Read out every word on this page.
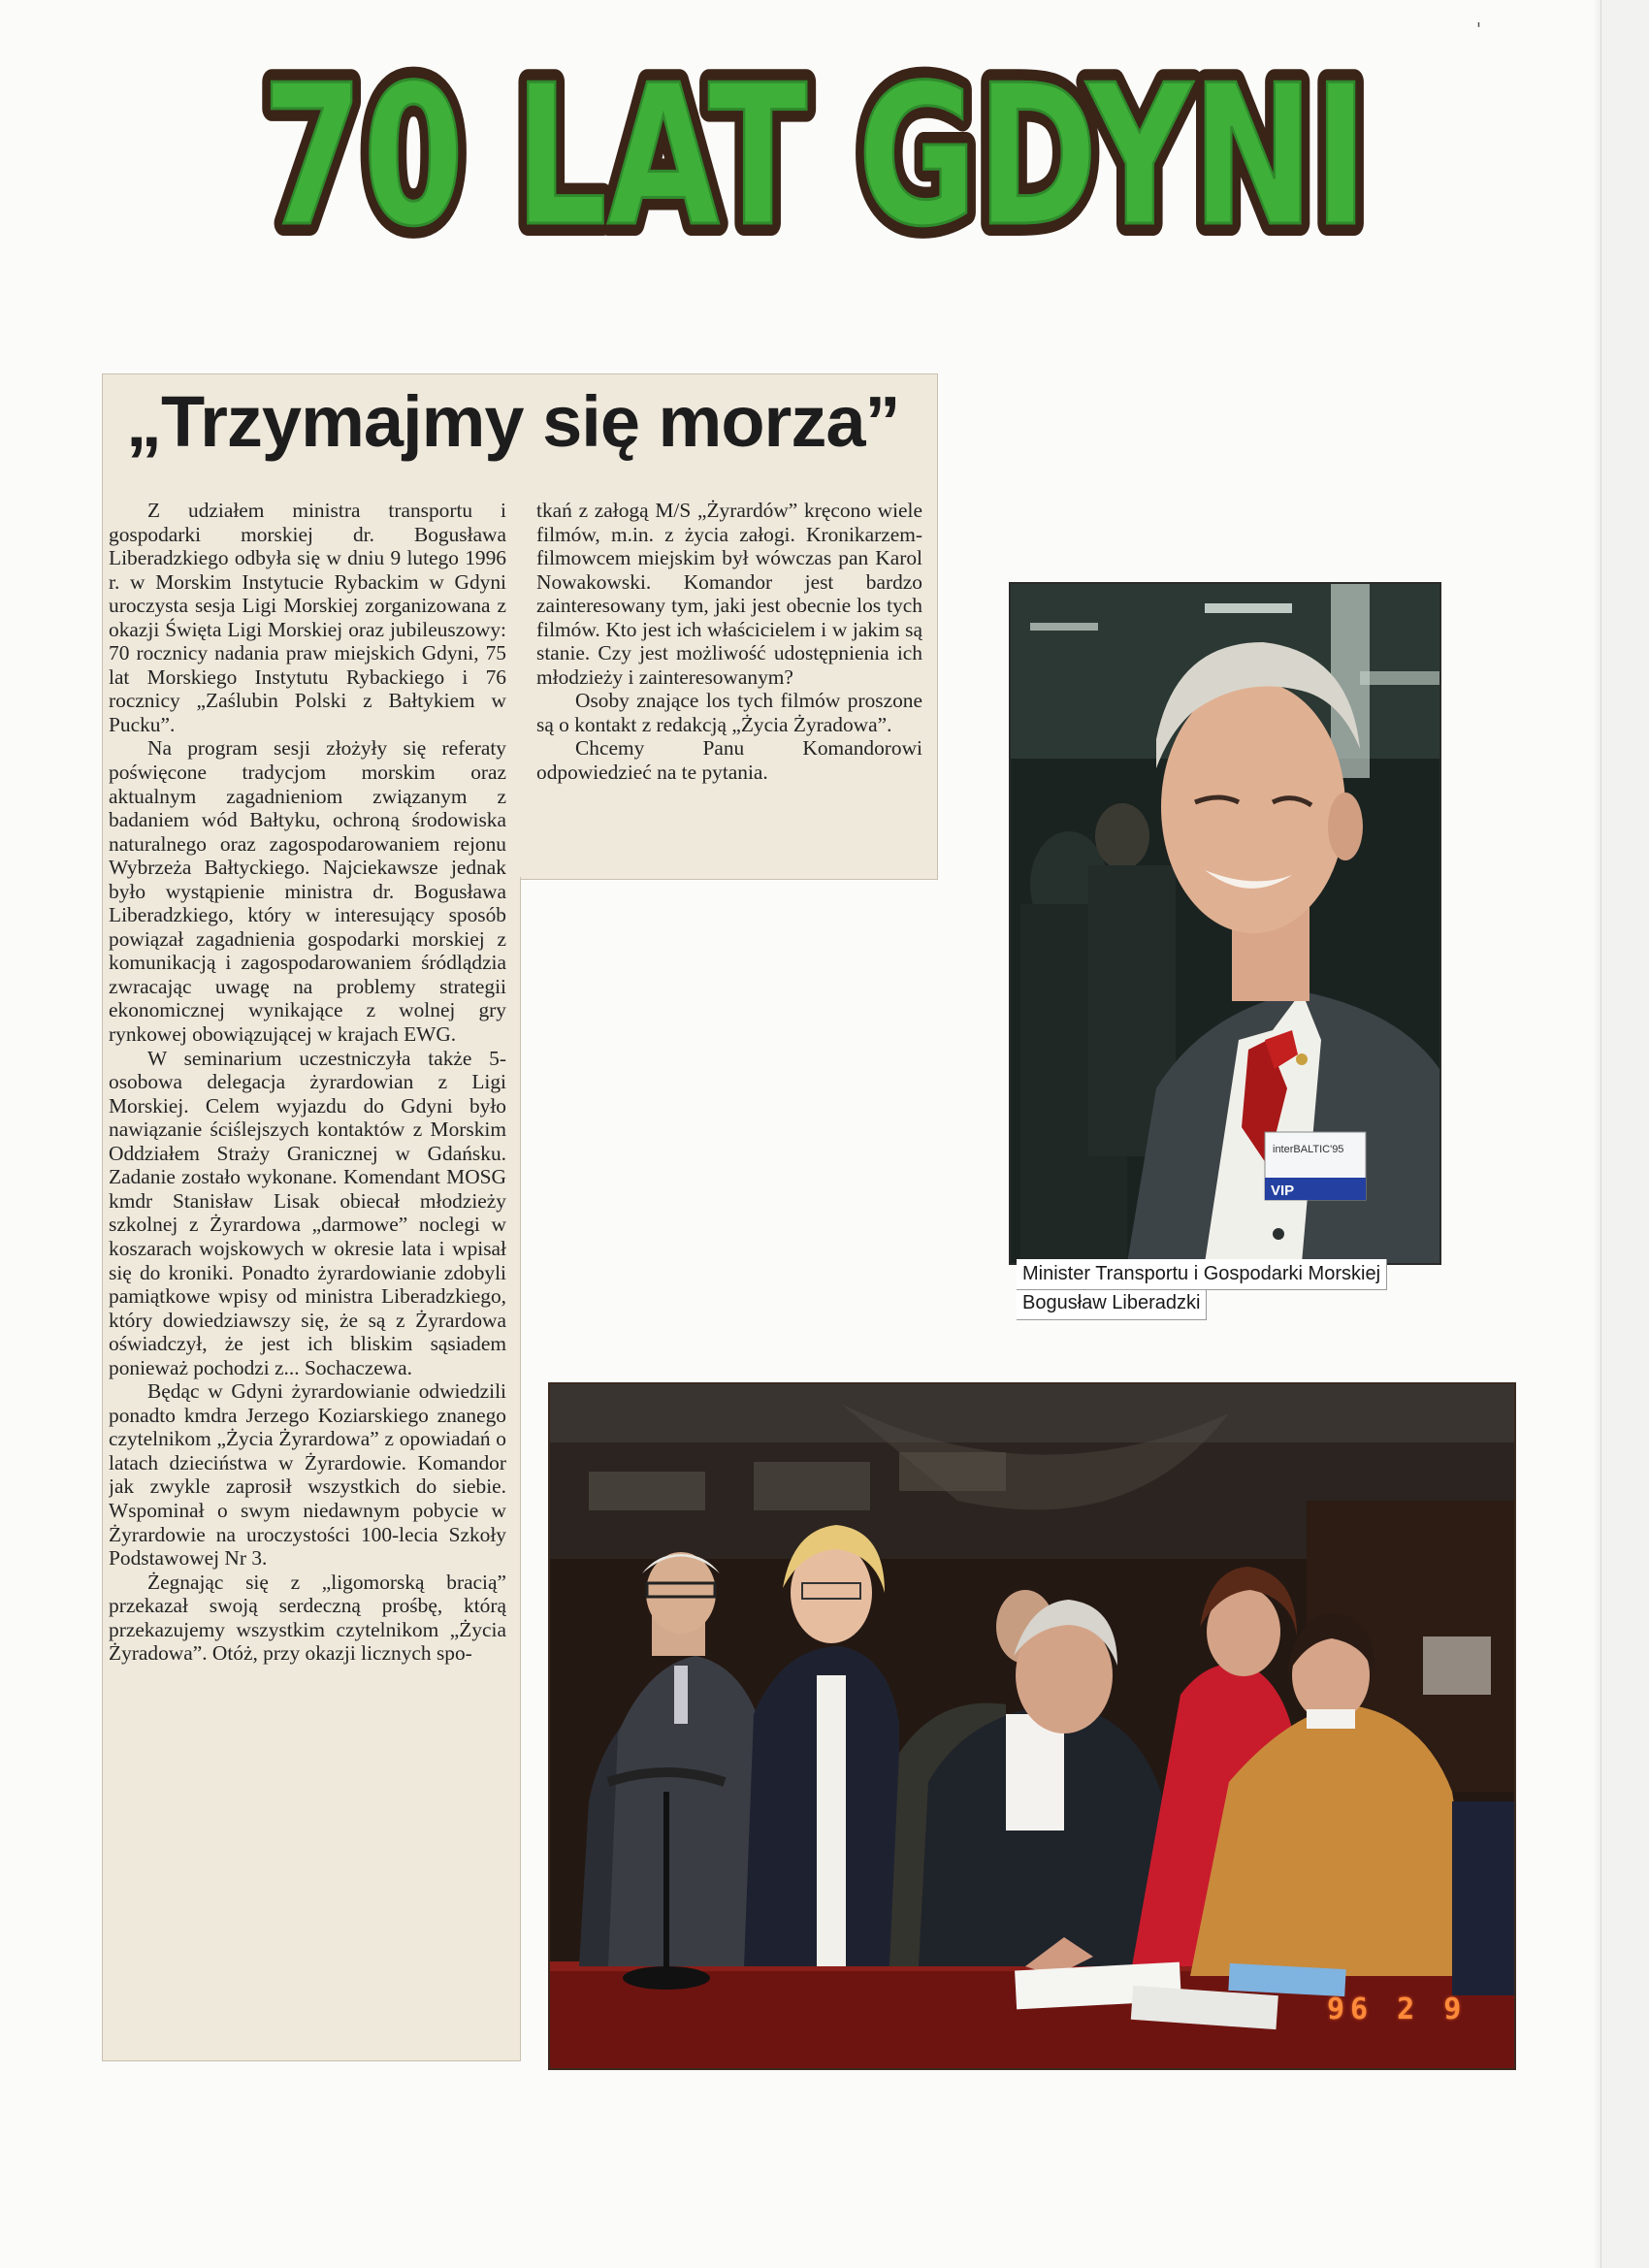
'
70 LAT GDYNI
70 LAT GDYNI
„Trzymajmy się morza”

Z udziałem ministra transportu i gospodarki morskiej dr. Bogusława Liberadzkiego odbyła się w dniu 9 lutego 1996 r. w Morskim Instytucie Rybackim w Gdyni uroczysta sesja Ligi Morskiej zorganizowana z okazji Święta Ligi Morskiej oraz jubileuszowy: 70 rocznicy nadania praw miejskich Gdyni, 75 lat Morskiego Instytutu Rybackiego i 76 rocznicy „Zaślubin Polski z Bałtykiem w Pucku”.

Na program sesji złożyły się referaty poświęcone tradycjom morskim oraz aktualnym zagadnieniom związanym z badaniem wód Bałtyku, ochroną środowiska naturalnego oraz zagospodarowaniem rejonu Wybrzeża Bałtyckiego. Najciekawsze jednak było wystąpienie ministra dr. Bogusława Liberadzkiego, który w interesujący sposób powiązał zagadnienia gospodarki morskiej z komunikacją i zagospodarowaniem śródlądzia zwracając uwagę na problemy strategii ekonomicznej wynikające z wolnej gry rynkowej obowiązującej w krajach EWG.

W seminarium uczestniczyła także 5-osobowa delegacja żyrardowian z Ligi Morskiej. Celem wyjazdu do Gdyni było nawiązanie ściślejszych kontaktów z Morskim Oddziałem Straży Granicznej w Gdańsku. Zadanie zostało wykonane. Komendant MOSG kmdr Stanisław Lisak obiecał młodzieży szkolnej z Żyrardowa „darmowe” noclegi w koszarach wojskowych w okresie lata i wpisał się do kroniki. Ponadto żyrardowianie zdobyli pamiątkowe wpisy od ministra Liberadzkiego, który dowiedziawszy się, że są z Żyrardowa oświadczył, że jest ich bliskim sąsiadem ponieważ pochodzi z... Sochaczewa.

Będąc w Gdyni żyrardowianie odwiedzili ponadto kmdra Jerzego Koziarskiego znanego czytelnikom „Życia Żyrardowa” z opowiadań o latach dzieciństwa w Żyrardowie. Komandor jak zwykle zaprosił wszystkich do siebie. Wspominał o swym niedawnym pobycie w Żyrardowie na uroczystości 100-lecia Szkoły Podstawowej Nr 3.

Żegnając się z „ligomorską bracią” przekazał swoją serdeczną prośbę, którą przekazujemy wszystkim czytelnikom „Życia Żyradowa”. Otóż, przy okazji licznych spo-

tkań z załogą M/S „Żyrardów” kręcono wiele filmów, m.in. z życia załogi. Kronikarzem-filmowcem miejskim był wówczas pan Karol Nowakowski. Komandor jest bardzo zainteresowany tym, jaki jest obecnie los tych filmów. Kto jest ich właścicielem i w jakim są stanie. Czy jest możliwość udostępnienia ich młodzieży i zainteresowanym?

Osoby znające los tych filmów proszone są o kontakt z redakcją „Życia Żyradowa”.

Chcemy Panu Komandorowi odpowiedzieć na te pytania.

interBALTIC'95
VIP
Minister Transportu i Gospodarki Morskiej
Bogusław Liberadzki
96 2 9
